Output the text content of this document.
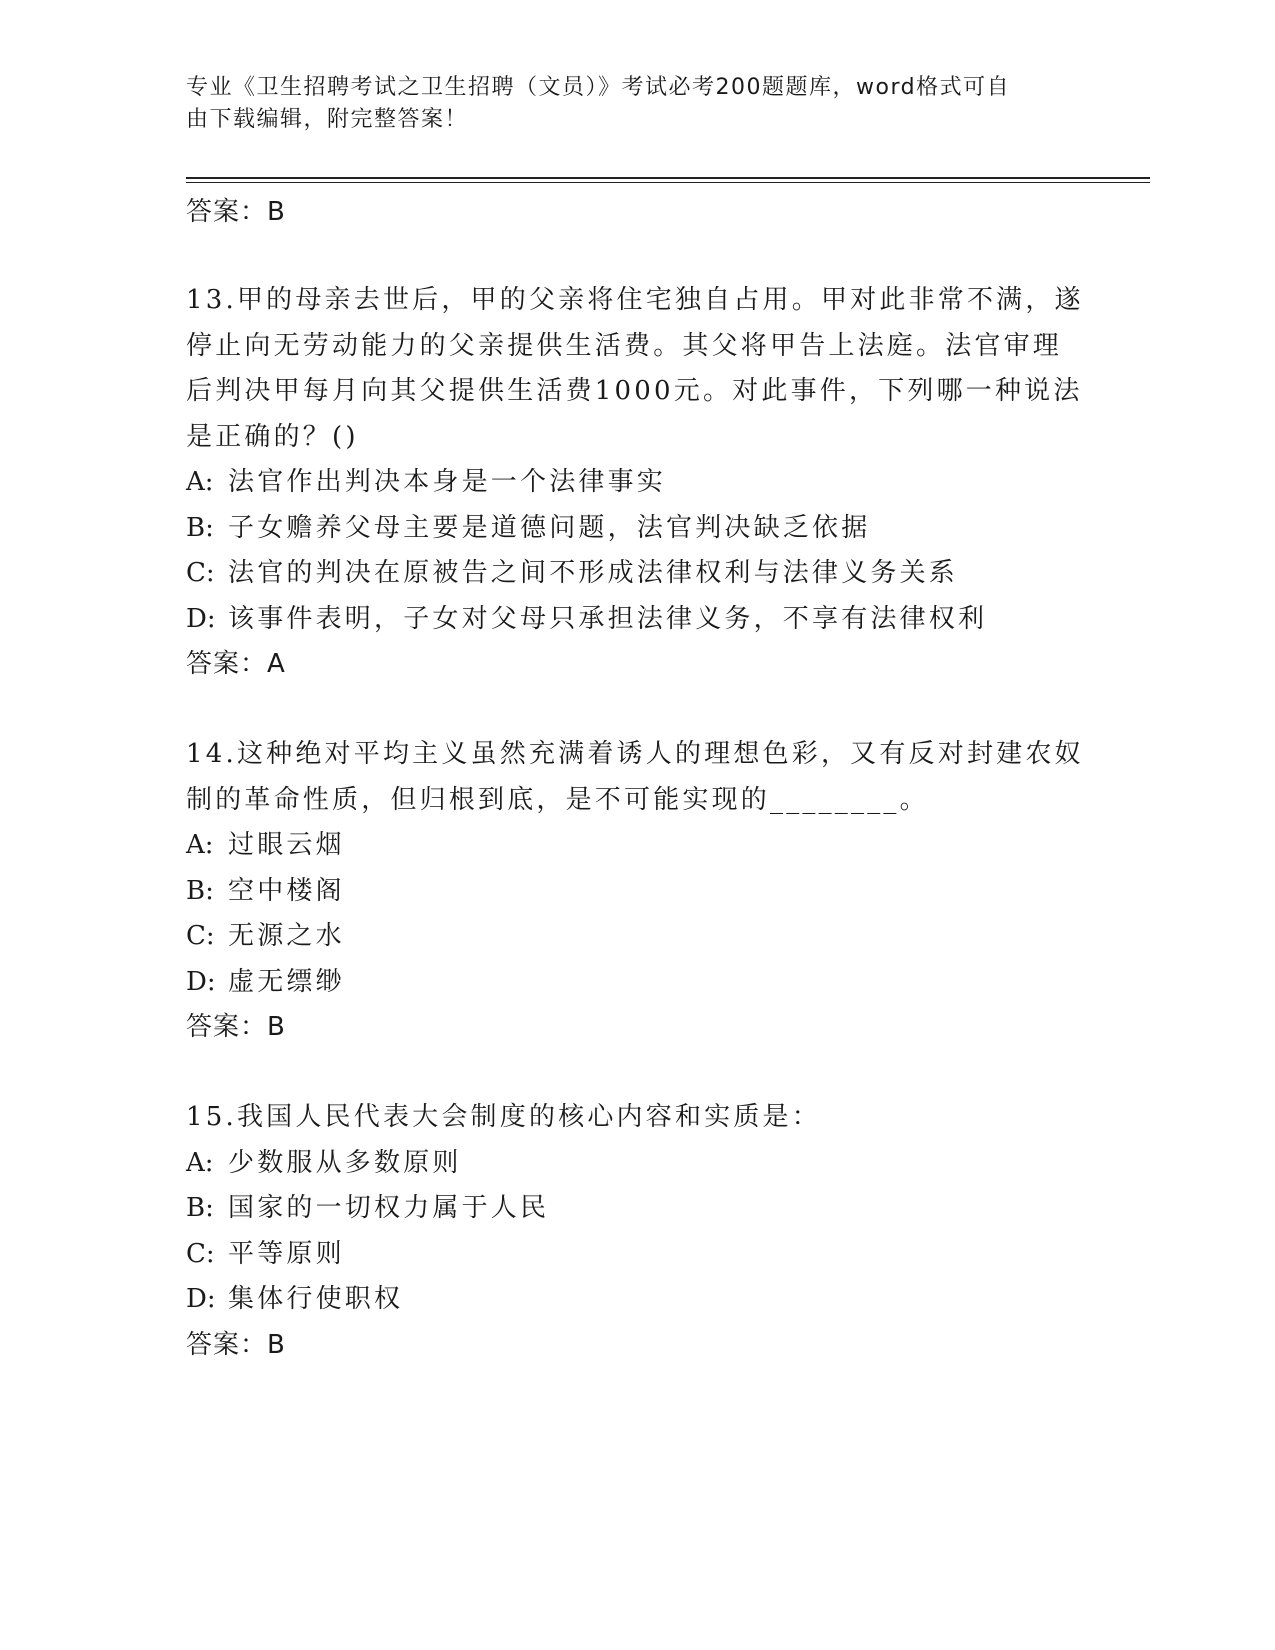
专业《卫生招聘考试之卫生招聘（文员）》考试必考200题题库，word格式可自
由下载编辑，附完整答案！

答案：B

13.甲的母亲去世后，甲的父亲将住宅独自占用。甲对此非常不满，遂

停止向无劳动能力的父亲提供生活费。其父将甲告上法庭。法官审理

后判决甲每月向其父提供生活费1000元。对此事件，下列哪一种说法

是正确的？()

A: 法官作出判决本身是一个法律事实

B: 子女赡养父母主要是道德问题，法官判决缺乏依据

C: 法官的判决在原被告之间不形成法律权利与法律义务关系

D: 该事件表明，子女对父母只承担法律义务，不享有法律权利

答案：A

14.这种绝对平均主义虽然充满着诱人的理想色彩，又有反对封建农奴

制的革命性质，但归根到底，是不可能实现的________。

A: 过眼云烟

B: 空中楼阁

C: 无源之水

D: 虚无缥缈

答案：B

15.我国人民代表大会制度的核心内容和实质是：

A: 少数服从多数原则

B: 国家的一切权力属于人民

C: 平等原则

D: 集体行使职权

答案：B
